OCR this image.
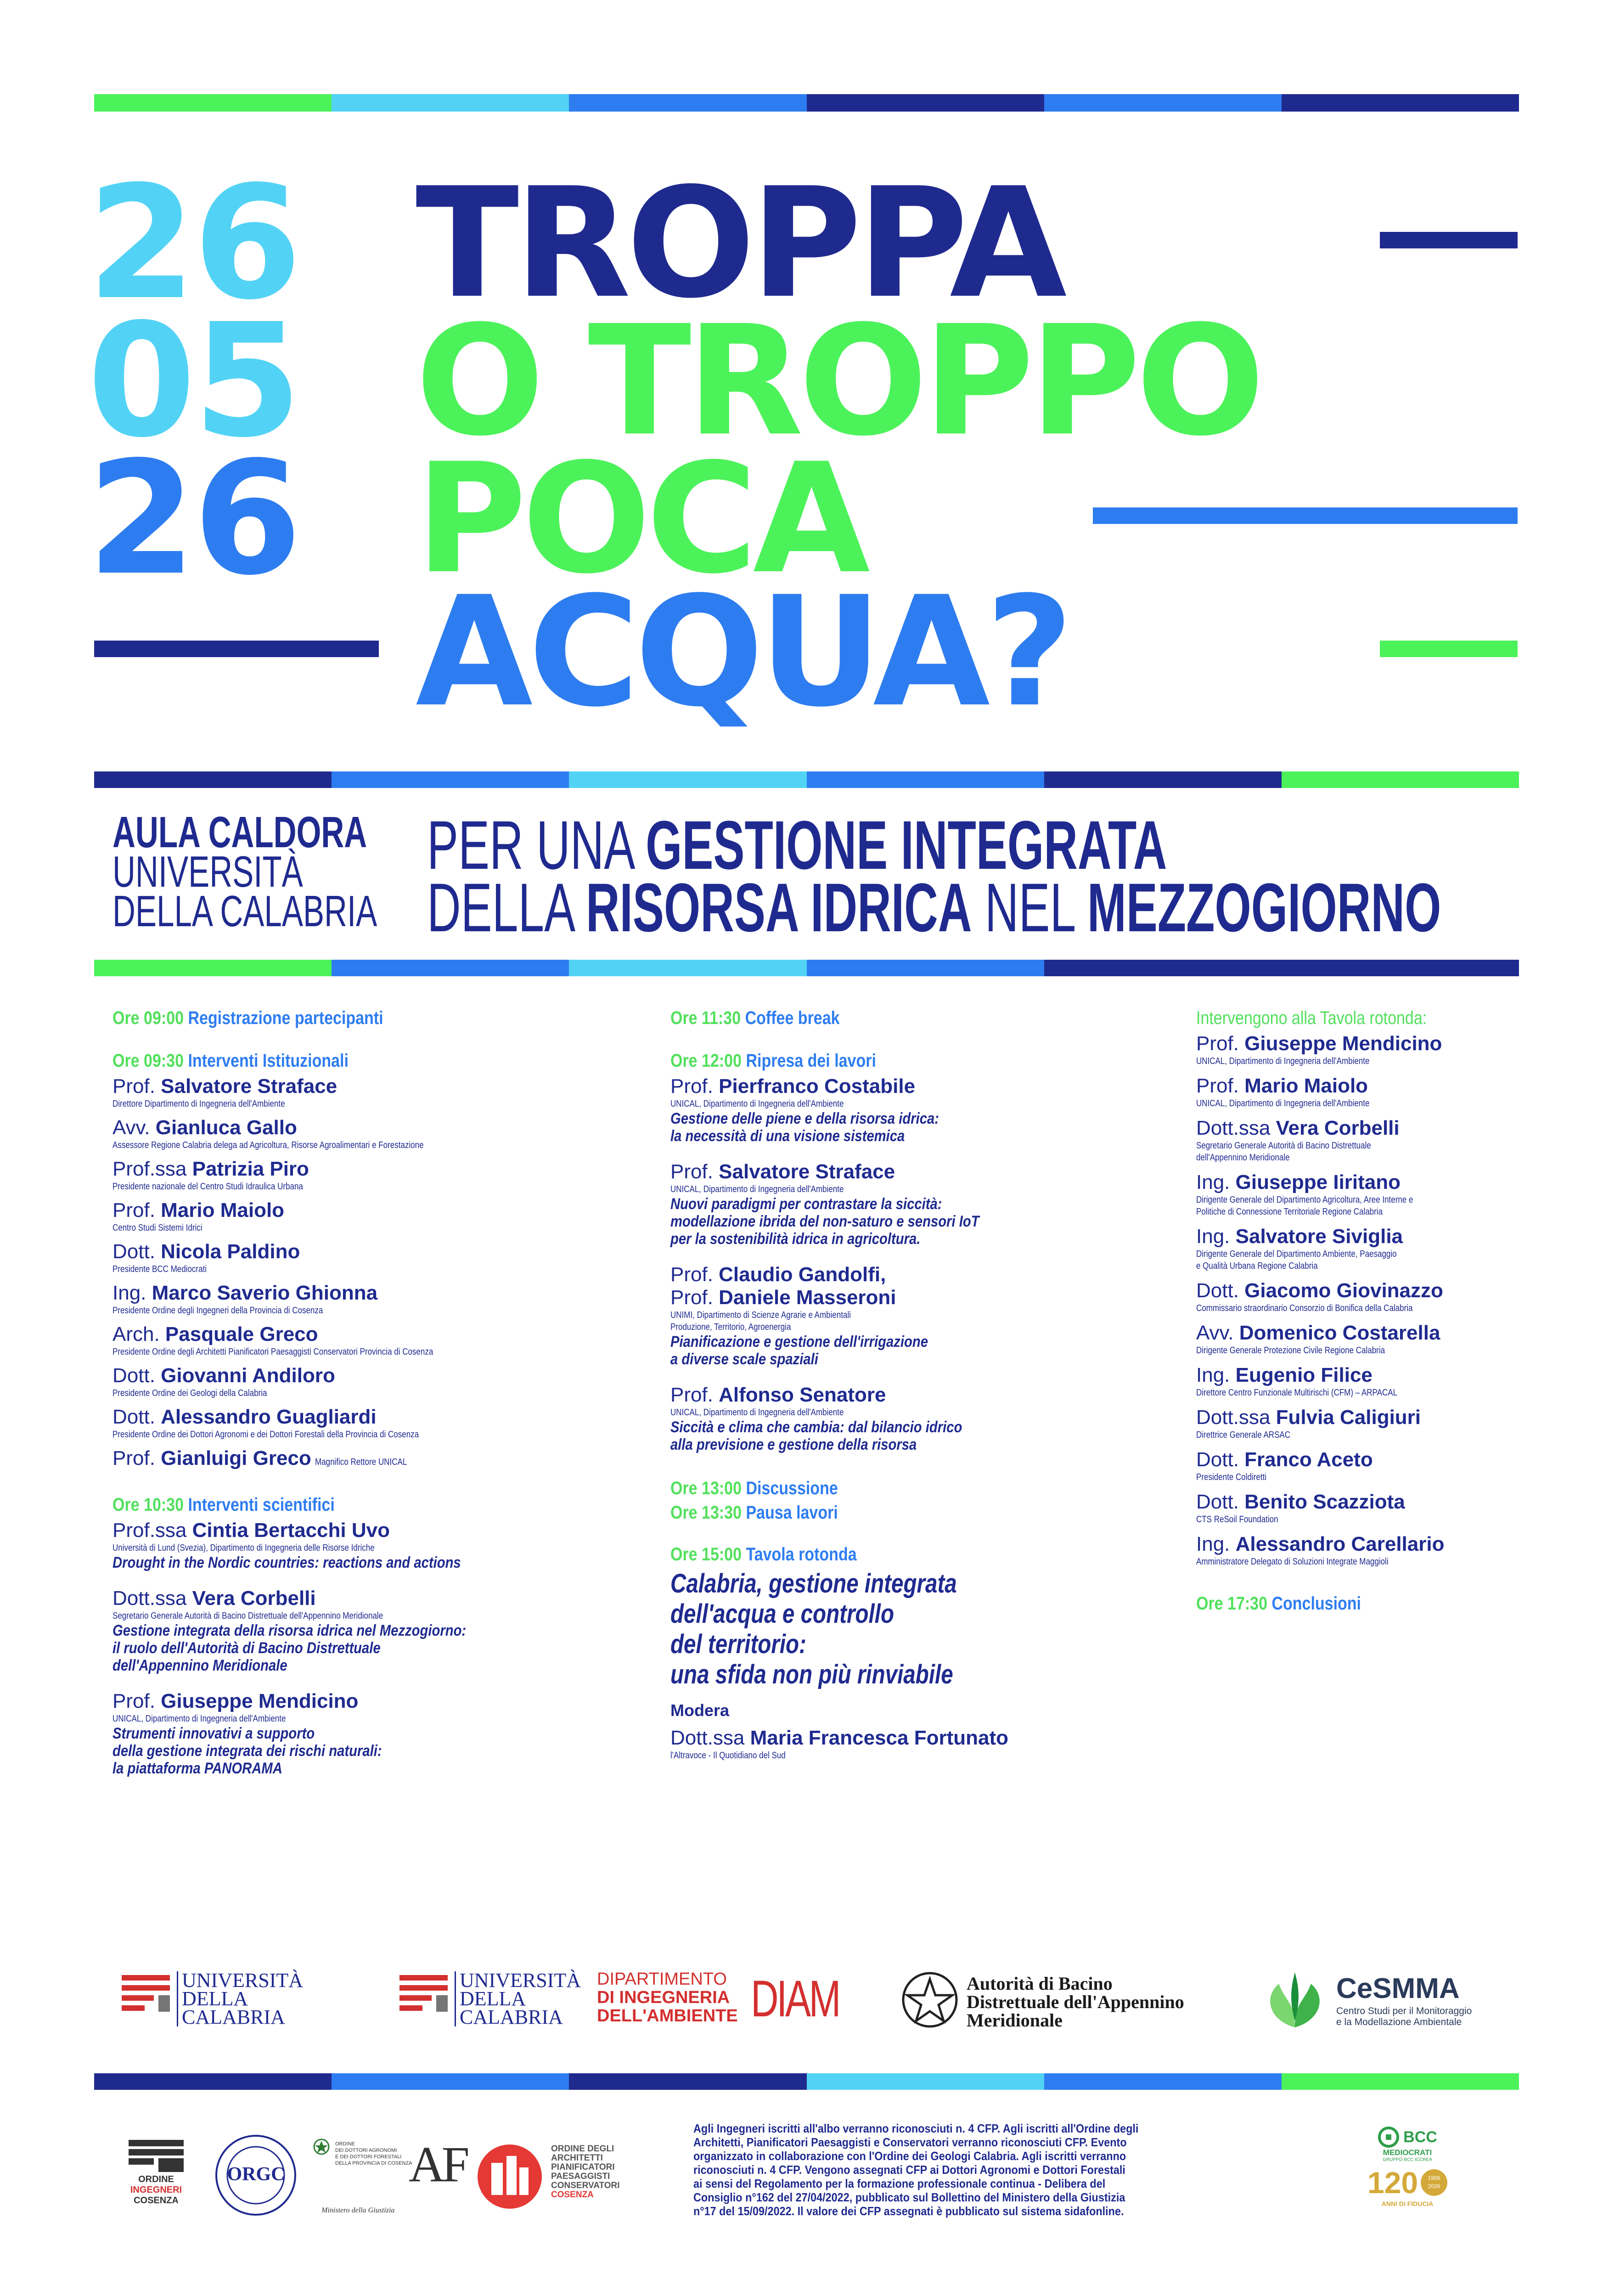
26
05
26
TROPPA
O TROPPO
POCA
ACQUA?
AULA CALDORA
UNIVERSITÀ
DELLA CALABRIA
PER UNA GESTIONE INTEGRATA
DELLA RISORSA IDRICA NEL MEZZOGIORNO
Ore 09:00 Registrazione partecipanti
Ore 09:30 Interventi Istituzionali
Prof. Salvatore Straface
Direttore Dipartimento di Ingegneria dell'Ambiente
Avv. Gianluca Gallo
Assessore Regione Calabria delega ad Agricoltura, Risorse Agroalimentari e Forestazione
Prof.ssa Patrizia Piro
Presidente nazionale del Centro Studi Idraulica Urbana
Prof. Mario Maiolo
Centro Studi Sistemi Idrici
Dott. Nicola Paldino
Presidente BCC Mediocrati
Ing. Marco Saverio Ghionna
Presidente Ordine degli Ingegneri della Provincia di Cosenza
Arch. Pasquale Greco
Presidente Ordine degli Architetti Pianificatori Paesaggisti Conservatori Provincia di Cosenza
Dott. Giovanni Andiloro
Presidente Ordine dei Geologi della Calabria
Dott. Alessandro Guagliardi
Presidente Ordine dei Dottori Agronomi e dei Dottori Forestali della Provincia di Cosenza
Prof. Gianluigi GrecoMagnifico Rettore UNICAL
Ore 10:30 Interventi scientifici
Prof.ssa Cintia Bertacchi Uvo
Università di Lund (Svezia), Dipartimento di Ingegneria delle Risorse Idriche
Drought in the Nordic countries: reactions and actions
Dott.ssa Vera Corbelli
Segretario Generale Autorità di Bacino Distrettuale dell'Appennino Meridionale
Gestione integrata della risorsa idrica nel Mezzogiorno:
il ruolo dell'Autorità di Bacino Distrettuale
dell'Appennino Meridionale
Prof. Giuseppe Mendicino
UNICAL, Dipartimento di Ingegneria dell'Ambiente
Strumenti innovativi a supporto
della gestione integrata dei rischi naturali:
la piattaforma PANORAMA
Ore 11:30 Coffee break
Ore 12:00 Ripresa dei lavori
Prof. Pierfranco Costabile
UNICAL, Dipartimento di Ingegneria dell'Ambiente
Gestione delle piene e della risorsa idrica:
la necessità di una visione sistemica
Prof. Salvatore Straface
UNICAL, Dipartimento di Ingegneria dell'Ambiente
Nuovi paradigmi per contrastare la siccità:
modellazione ibrida del non-saturo e sensori IoT
per la sostenibilità idrica in agricoltura.
Prof. Claudio Gandolfi,
Prof. Daniele Masseroni
UNIMI, Dipartimento di Scienze Agrarie e Ambientali
Produzione, Territorio, Agroenergia
Pianificazione e gestione dell'irrigazione
a diverse scale spaziali
Prof. Alfonso Senatore
UNICAL, Dipartimento di Ingegneria dell'Ambiente
Siccità e clima che cambia: dal bilancio idrico
alla previsione e gestione della risorsa
Ore 13:00 Discussione
Ore 13:30 Pausa lavori
Ore 15:00 Tavola rotonda
Calabria, gestione integrata
dell'acqua e controllo
del territorio:
una sfida non più rinviabile
Modera
Dott.ssa Maria Francesca Fortunato
l'Altravoce - Il Quotidiano del Sud
Intervengono alla Tavola rotonda:
Prof. Giuseppe Mendicino
UNICAL, Dipartimento di Ingegneria dell'Ambiente
Prof. Mario Maiolo
UNICAL, Dipartimento di Ingegneria dell'Ambiente
Dott.ssa Vera Corbelli
Segretario Generale Autorità di Bacino Distrettuale
dell'Appennino Meridionale
Ing. Giuseppe Iiritano
Dirigente Generale del Dipartimento Agricoltura, Aree Interne e
Politiche di Connessione Territoriale Regione Calabria
Ing. Salvatore Siviglia
Dirigente Generale del Dipartimento Ambiente, Paesaggio
e Qualità Urbana Regione Calabria
Dott. Giacomo Giovinazzo
Commissario straordinario Consorzio di Bonifica della Calabria
Avv. Domenico Costarella
Dirigente Generale Protezione Civile Regione Calabria
Ing. Eugenio Filice
Direttore Centro Funzionale Multirischi (CFM) – ARPACAL
Dott.ssa Fulvia Caligiuri
Direttrice Generale ARSAC
Dott. Franco Aceto
Presidente Coldiretti
Dott. Benito Scazziota
CTS ReSoil Foundation
Ing. Alessandro Carellario
Amministratore Delegato di Soluzioni Integrate Maggioli
Ore 17:30 Conclusioni
UNIVERSITÀ
DELLA
CALABRIA
UNIVERSITÀ
DELLA
CALABRIA
DIPARTIMENTO
DI INGEGNERIA
DELL'AMBIENTE DIAM	Autorità di Bacino
Distrettuale dell'Appennino
Meridionale
CeSMMA
Centro Studi per il Monitoraggio
e la Modellazione Ambientale
ORDINE
INGEGNERI
COSENZA
ORGC
ORDINE
DEI DOTTORI AGRONOMI
E DEI DOTTORI FORESTALI
DELLA PROVINCIA DI COSENZA
Ministero della Giustizia
AF	ORDINE DEGLI
ARCHITETTI
PIANIFICATORI
PAESAGGISTI
CONSERVATORI
COSENZA
Agli Ingegneri iscritti all'albo verranno riconosciuti n. 4 CFP. Agli iscritti all'Ordine degli
Architetti, Pianificatori Paesaggisti e Conservatori verranno riconosciuti CFP. Evento
organizzato in collaborazione con l'Ordine dei Geologi Calabria. Agli iscritti verranno
riconosciuti n. 4 CFP. Vengono assegnati CFP ai Dottori Agronomi e Dottori Forestali
ai sensi del Regolamento per la formazione professionale continua - Delibera del
Consiglio n°162 del 27/04/2022, pubblicato sul Bollettino del Ministero della Giustizia
n°17 del 15/09/2022. Il valore dei CFP assegnati è pubblicato sul sistema sidafonline.
BCC
MEDIOCRATI
GRUPPO BCC ICCREA
120	1906
2026
ANNI DI FIDUCIA
